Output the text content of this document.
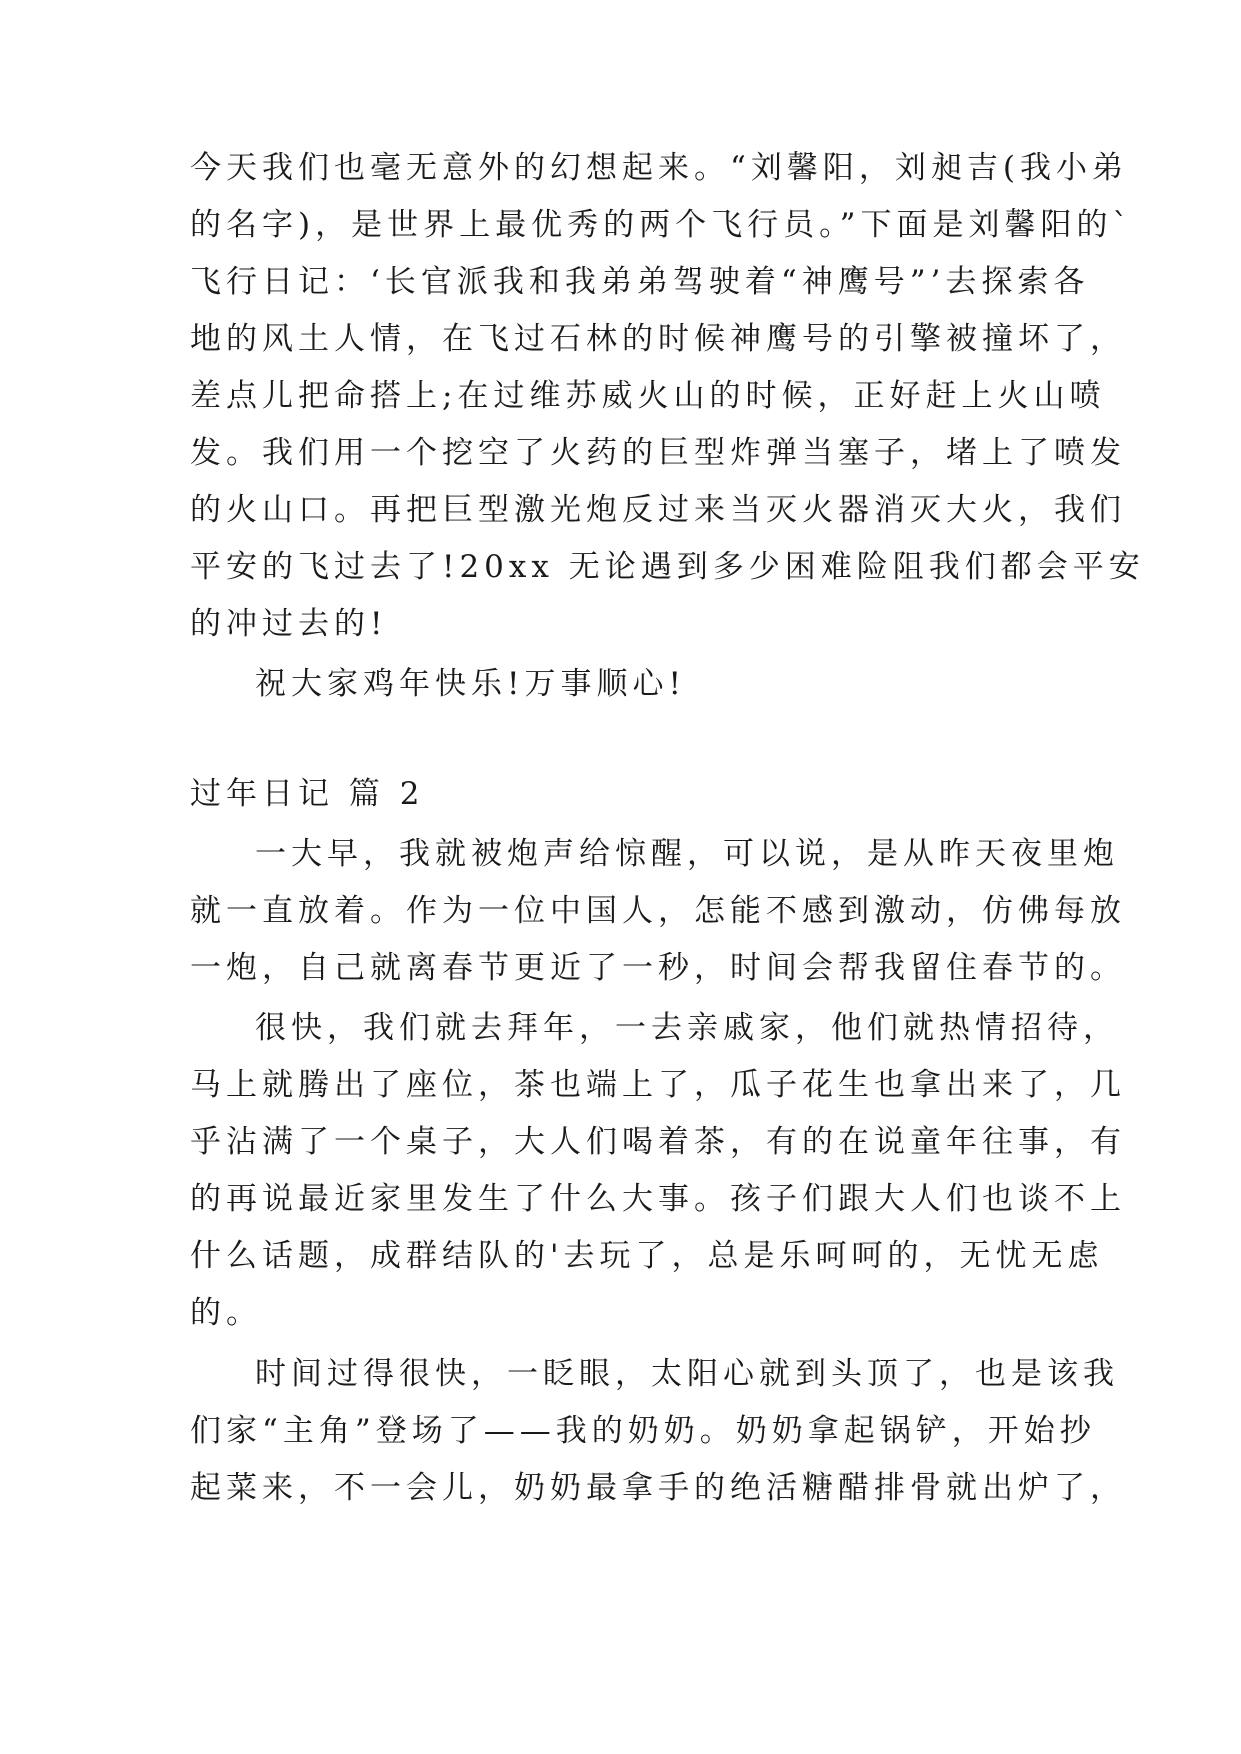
今天我们也毫无意外的幻想起来。“刘馨阳，刘昶吉(我小弟
的名字)，是世界上最优秀的两个飞行员。”下面是刘馨阳的`
飞行日记：‘长官派我和我弟弟驾驶着“神鹰号”’去探索各
地的风土人情，在飞过石林的时候神鹰号的引擎被撞坏了，
差点儿把命搭上;在过维苏威火山的时候，正好赶上火山喷
发。我们用一个挖空了火药的巨型炸弹当塞子，堵上了喷发
的火山口。再把巨型激光炮反过来当灭火器消灭大火，我们
平安的飞过去了!20xx 无论遇到多少困难险阻我们都会平安
的冲过去的!
祝大家鸡年快乐!万事顺心!
过年日记 篇 2
一大早，我就被炮声给惊醒，可以说，是从昨天夜里炮
就一直放着。作为一位中国人，怎能不感到激动，仿佛每放
一炮，自己就离春节更近了一秒，时间会帮我留住春节的。
很快，我们就去拜年，一去亲戚家，他们就热情招待，
马上就腾出了座位，茶也端上了，瓜子花生也拿出来了，几
乎沾满了一个桌子，大人们喝着茶，有的在说童年往事，有
的再说最近家里发生了什么大事。孩子们跟大人们也谈不上
什么话题，成群结队的'去玩了，总是乐呵呵的，无忧无虑
的。
时间过得很快，一眨眼，太阳心就到头顶了，也是该我
们家“主角”登场了——我的奶奶。奶奶拿起锅铲，开始抄
起菜来，不一会儿，奶奶最拿手的绝活糖醋排骨就出炉了，
